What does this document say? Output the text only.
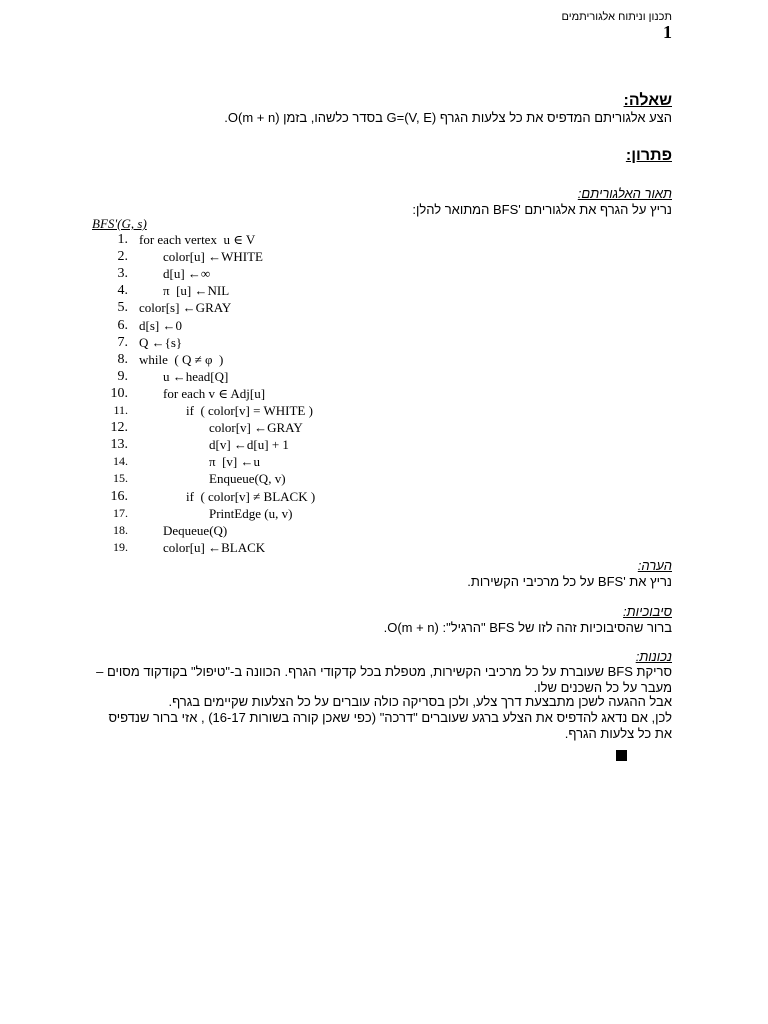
תכנון וניתוח אלגוריתמים
1
שאלה:
הצע אלגוריתם המדפיס את כל צלעות הגרף (G=(V, E בסדר כלשהו, בזמן (O(m + n.
פתרון:
תאור האלגוריתם:
נריץ על הגרף את אלגוריתם 'BFS המתואר להלן:
BFS'(G, s)
1. for each vertex  u ∈ V
2.	color[u] ←WHITE
3.	d[u] ←∞
4.	π  [u] ←NIL
5. color[s] ←GRAY
6. d[s] ←0
7. Q ←{s}
8. while  ( Q ≠ φ  )
9.	u ←head[Q]
10.	for each v ∈ Adj[u]
11.	if  ( color[v] = WHITE )
12.	color[v] ←GRAY
13.	d[v] ←d[u] + 1
14.	π  [v] ←u
15.	Enqueue(Q, v)
16.	if  ( color[v] ≠ BLACK )
17.	PrintEdge (u, v)
18.	Dequeue(Q)
19.	color[u] ←BLACK
הערה:
נריץ את 'BFS על כל מרכיבי הקשירות.
סיבוכיות:
ברור שהסיבוכיות זהה לזו של BFS "הרגיל": (O(m + n.
נכונות:
סריקת BFS שעוברת על כל מרכיבי הקשירות, מטפלת בכל קדקודי הגרף. הכוונה ב-"טיפול" בקודקוד מסוים – מעבר על כל השכנים שלו.
אבל ההגעה לשכן מתבצעת דרך צלע, ולכן בסריקה כולה עוברים על כל הצלעות שקיימים בגרף.
לכן, אם נדאג להדפיס את הצלע ברגע שעוברים "דרכה" (כפי שאכן קורה בשורות 16-17) , אזי ברור שנדפיס את כל צלעות הגרף.
